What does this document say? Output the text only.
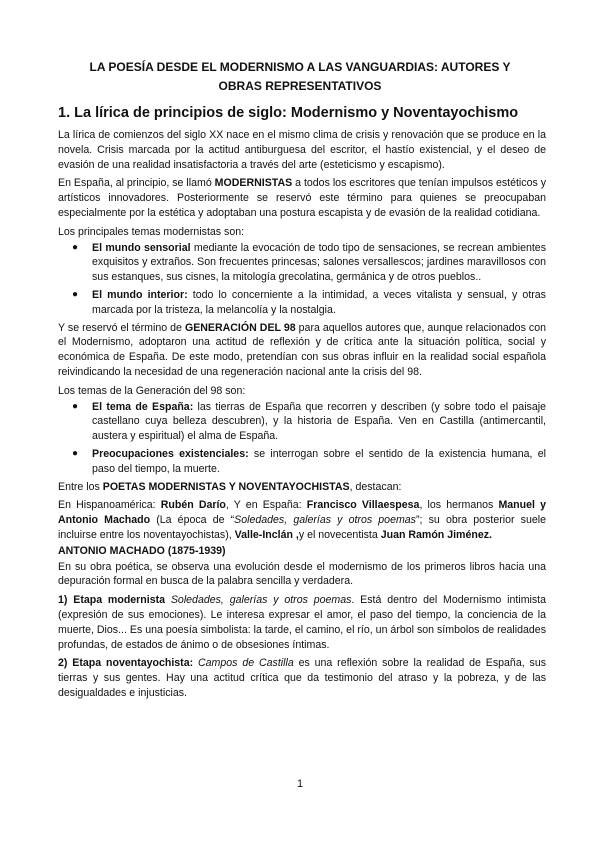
LA POESÍA DESDE EL MODERNISMO A LAS VANGUARDIAS: AUTORES Y OBRAS REPRESENTATIVOS
1. La lírica de principios de siglo: Modernismo y Noventayochismo

La lírica de comienzos del siglo XX nace en el mismo clima de crisis y renovación que se produce en la novela. Crisis marcada por la actitud antiburguesa del escritor, el hastío existencial, y el deseo de evasión de una realidad insatisfactoria a través del arte (esteticismo y escapismo).

En España, al principio, se llamó MODERNISTAS a todos los escritores que tenían impulsos estéticos y artísticos innovadores. Posteriormente se reservó este término para quienes se preocupaban especialmente por la estética y adoptaban una postura escapista y de evasión de la realidad cotidiana.

Los principales temas modernistas son:

● El mundo sensorial mediante la evocación de todo tipo de sensaciones, se recrean ambientes exquisitos y extraños. Son frecuentes princesas; salones versallescos; jardines maravillosos con sus estanques, sus cisnes, la mitología grecolatina, germánica y de otros pueblos..
● El mundo interior: todo lo concerniente a la intimidad, a veces vitalista y sensual, y otras marcada por la tristeza, la melancolía y la nostalgia.

Y se reservó el término de GENERACIÓN DEL 98 para aquellos autores que, aunque relacionados con el Modernismo, adoptaron una actitud de reflexión y de crítica ante la situación política, social y económica de España. De este modo, pretendían con sus obras influir en la realidad social española reivindicando la necesidad de una regeneración nacional ante la crisis del 98.

Los temas de la Generación del 98 son:

● El tema de España: las tierras de España que recorren y describen (y sobre todo el paisaje castellano cuya belleza descubren), y la historia de España. Ven en Castilla (antimercantil, austera y espiritual) el alma de España.
● Preocupaciones existenciales: se interrogan sobre el sentido de la existencia humana, el paso del tiempo, la muerte.

Entre los POETAS MODERNISTAS Y NOVENTAYOCHISTAS, destacan:

En Hispanoamérica: Rubén Darío, Y en España: Francisco Villaespesa, los hermanos Manuel y Antonio Machado (La época de “Soledades, galerías y otros poemas”; su obra posterior suele incluirse entre los noventayochistas), Valle-Inclán ,y el novecentista Juan Ramón Jiménez.

ANTONIO MACHADO (1875-1939)

En su obra poética, se observa una evolución desde el modernismo de los primeros libros hacia una depuración formal en busca de la palabra sencilla y verdadera.

1) Etapa modernista Soledades, galerías y otros poemas. Está dentro del Modernismo intimista (expresión de sus emociones). Le interesa expresar el amor, el paso del tiempo, la conciencia de la muerte, Dios... Es una poesía simbolista: la tarde, el camino, el río, un árbol son símbolos de realidades profundas, de estados de ánimo o de obsesiones íntimas.

2) Etapa noventayochista: Campos de Castilla es una reflexión sobre la realidad de España, sus tierras y sus gentes. Hay una actitud crítica que da testimonio del atraso y la pobreza, y de las desigualdades e injusticias.

1
